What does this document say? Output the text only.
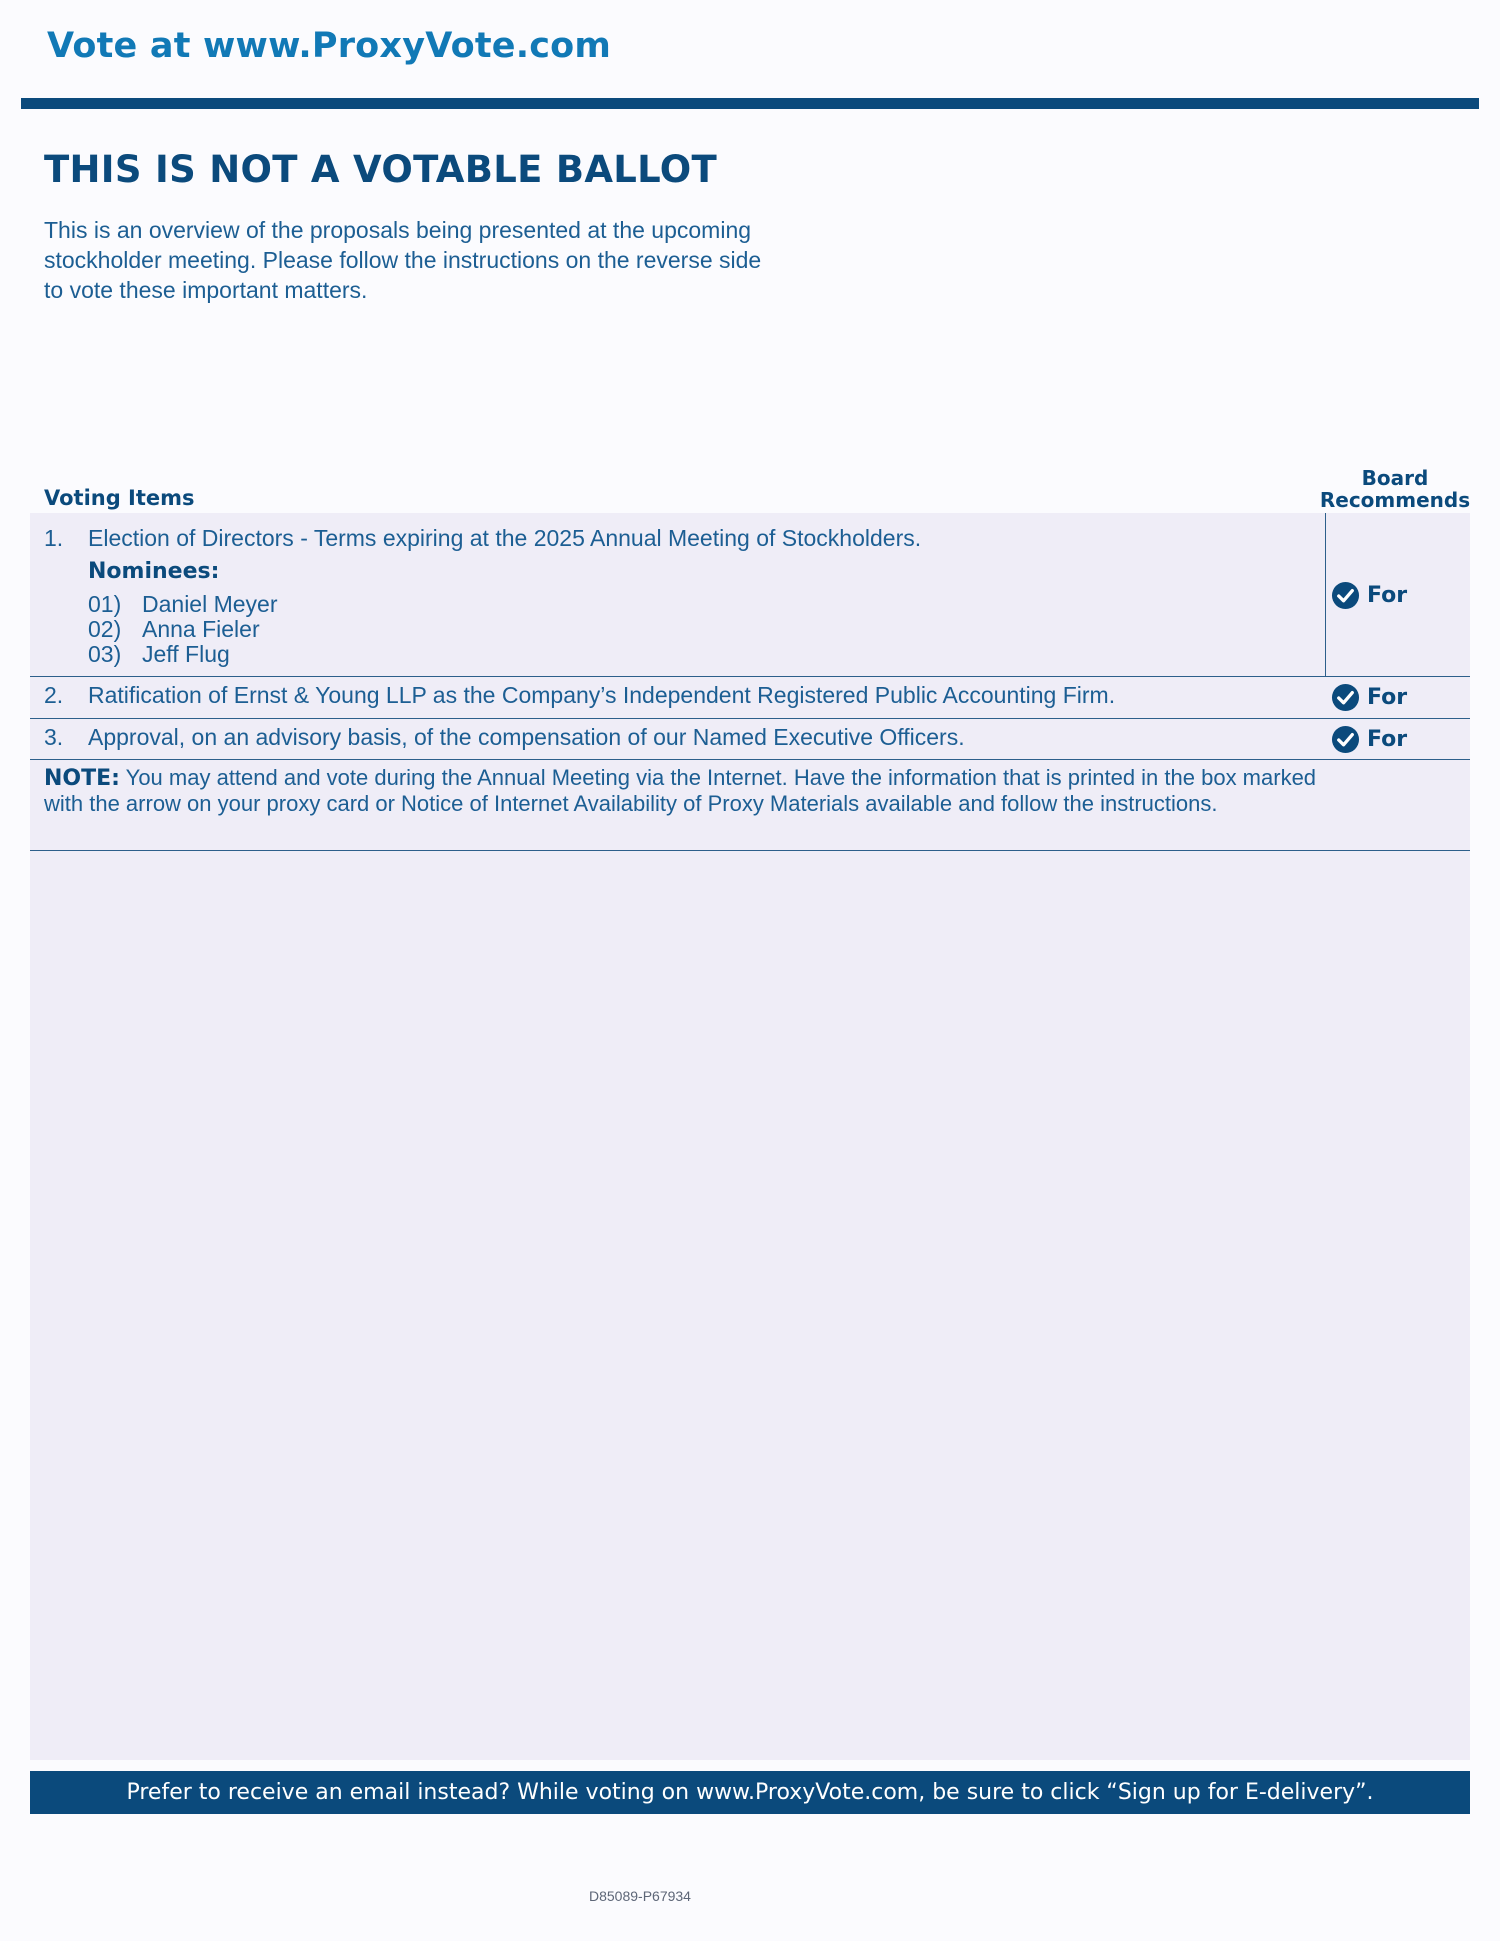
Vote at www.ProxyVote.com
THIS IS NOT A VOTABLE BALLOT
This is an overview of the proposals being presented at the upcoming stockholder meeting. Please follow the instructions on the reverse side to vote these important matters.
Voting Items
Board
Recommends
1. Election of Directors - Terms expiring at the 2025 Annual Meeting of Stockholders.
Nominees:
01) Daniel Meyer
02) Anna Fieler
03) Jeff Flug
For
2. Ratification of Ernst & Young LLP as the Company’s Independent Registered Public Accounting Firm.	For
3. Approval, on an advisory basis, of the compensation of our Named Executive Officers.	For
NOTE: You may attend and vote during the Annual Meeting via the Internet. Have the information that is printed in the box marked with the arrow on your proxy card or Notice of Internet Availability of Proxy Materials available and follow the instructions.
Prefer to receive an email instead? While voting on www.ProxyVote.com, be sure to click “Sign up for E-delivery”.
D85089-P67934
